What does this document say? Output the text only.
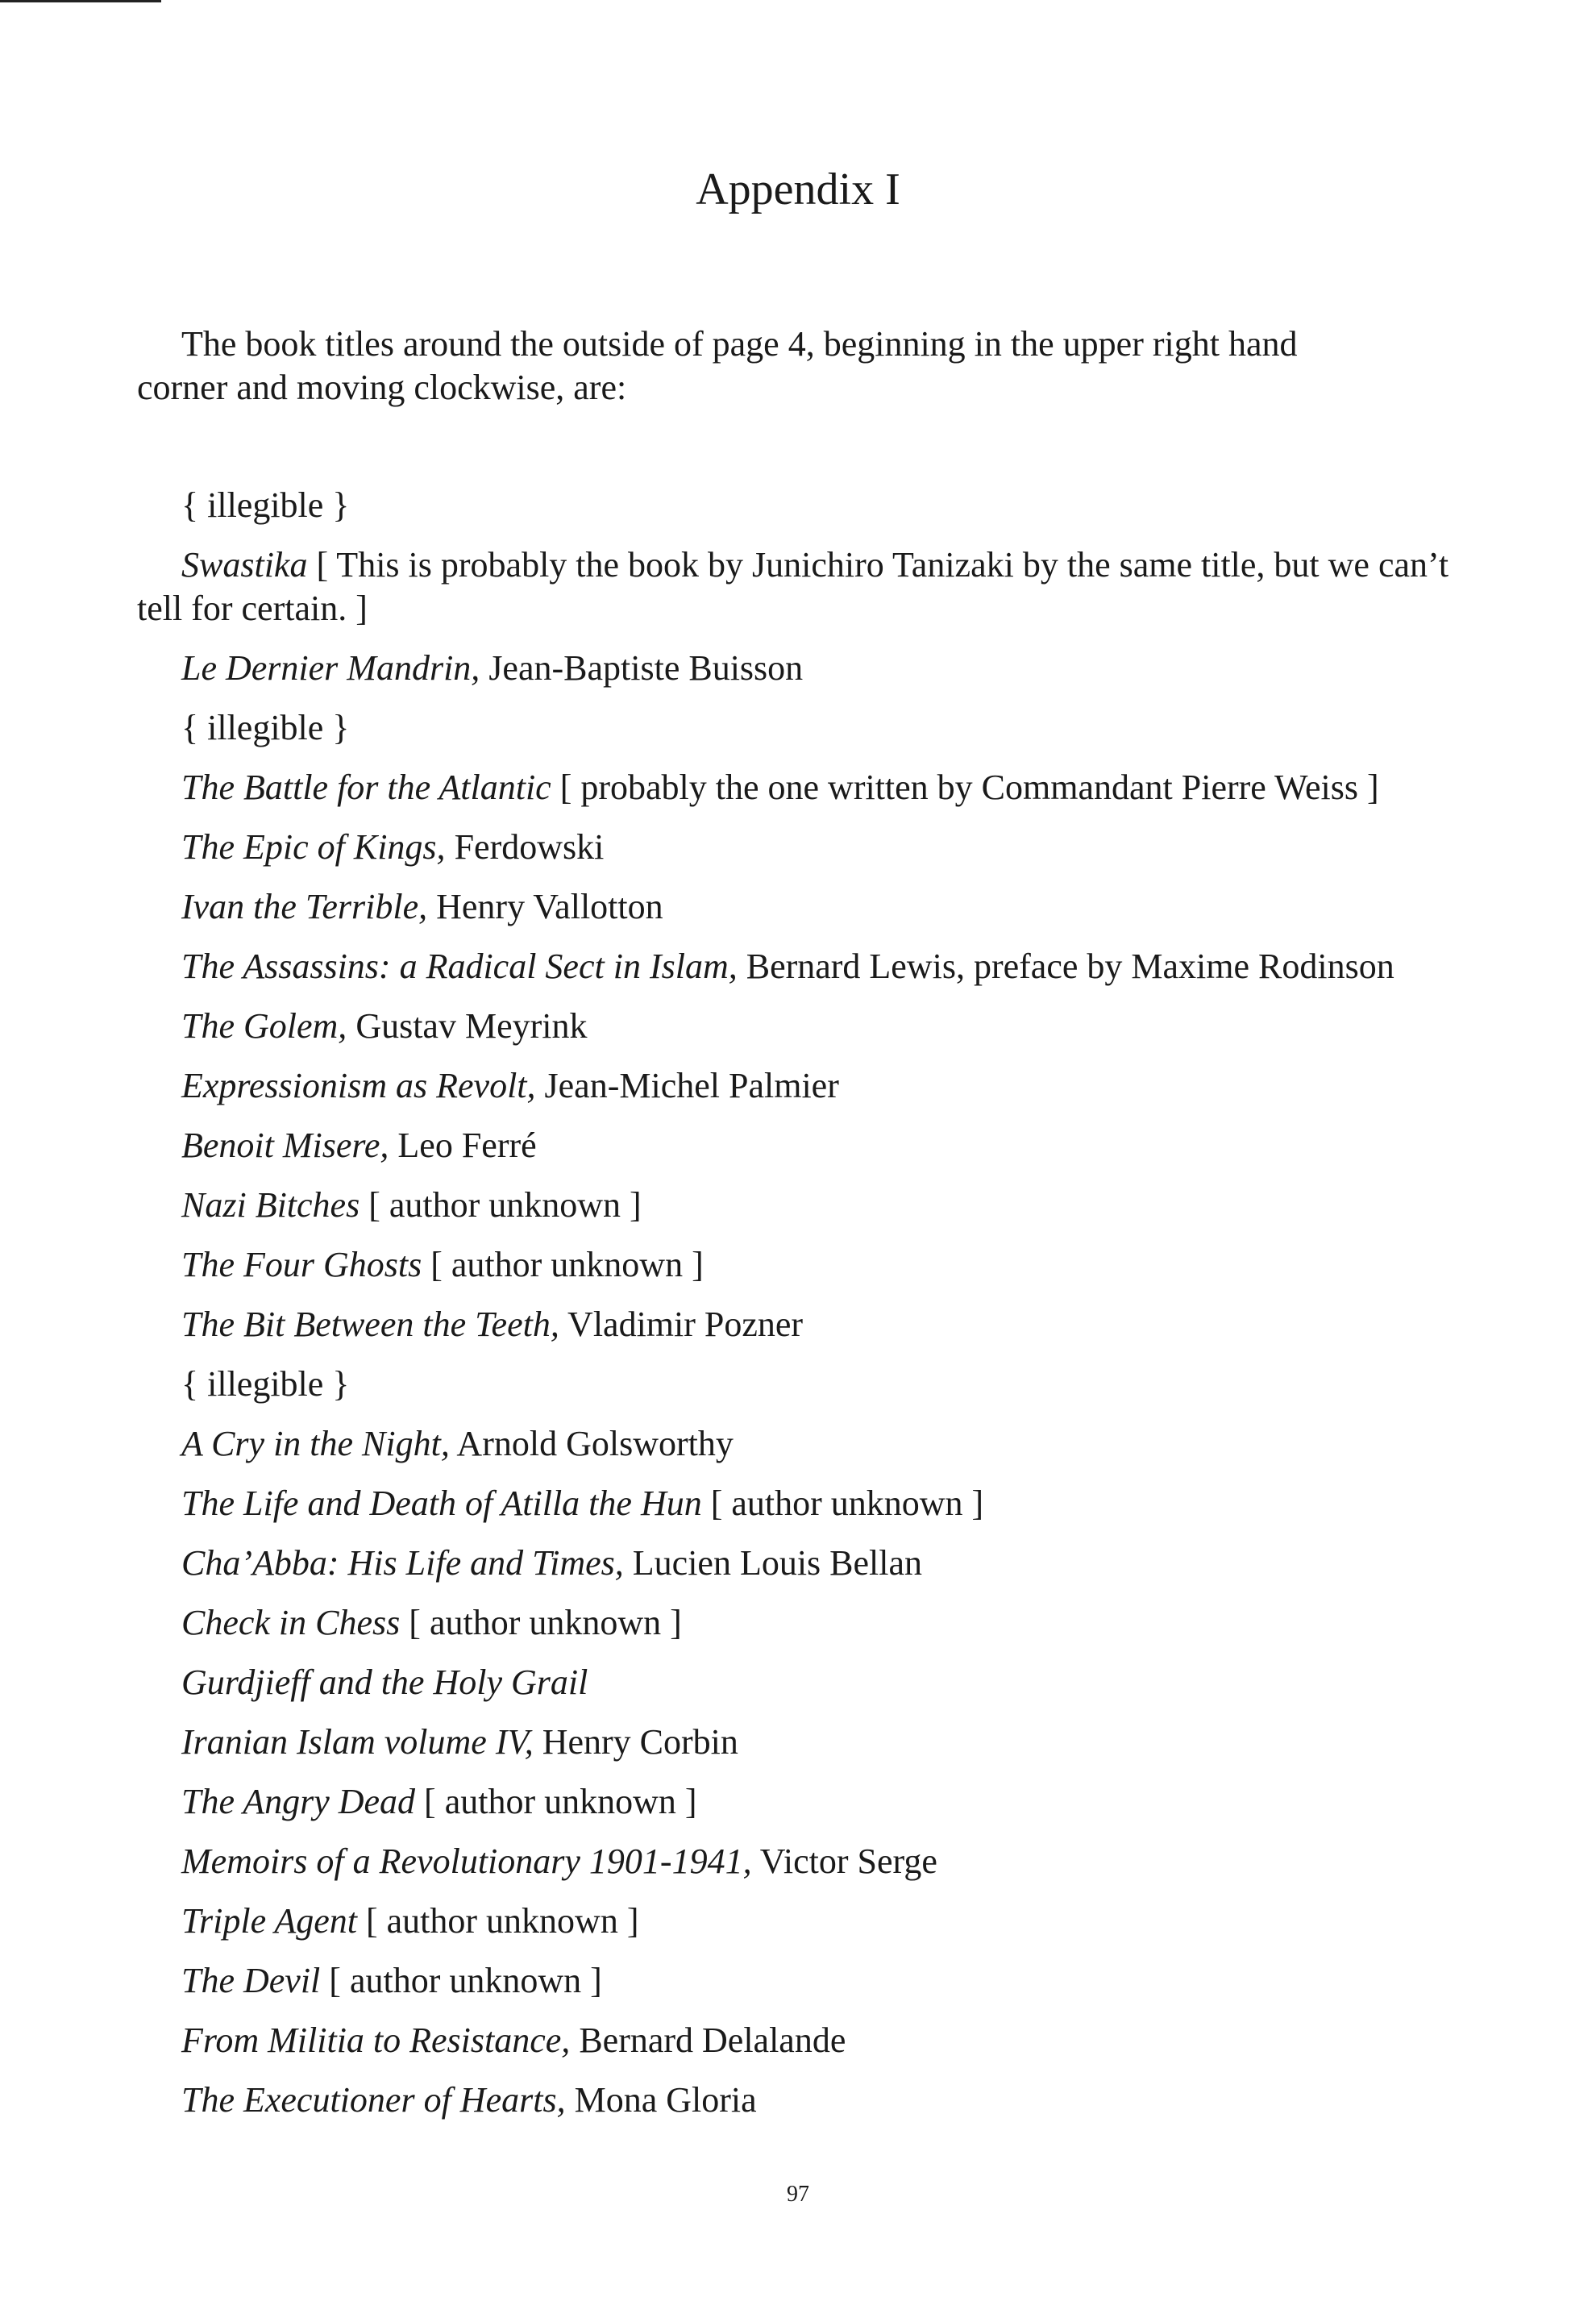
Appendix I

The book titles around the outside of page 4, beginning in the upper right hand corner and moving clockwise, are:

{ illegible }
Swastika [ This is probably the book by Junichiro Tanizaki by the same title, but we can’t tell for certain. ]
Le Dernier Mandrin, Jean-Baptiste Buisson
{ illegible }
The Battle for the Atlantic [ probably the one written by Commandant Pierre Weiss ]
The Epic of Kings, Ferdowski
Ivan the Terrible, Henry Vallotton
The Assassins: a Radical Sect in Islam, Bernard Lewis, preface by Maxime Rodinson
The Golem, Gustav Meyrink
Expressionism as Revolt, Jean-Michel Palmier
Benoit Misere, Leo Ferré
Nazi Bitches [ author unknown ]
The Four Ghosts [ author unknown ]
The Bit Between the Teeth, Vladimir Pozner
{ illegible }
A Cry in the Night, Arnold Golsworthy
The Life and Death of Atilla the Hun [ author unknown ]
Cha’Abba: His Life and Times, Lucien Louis Bellan
Check in Chess [ author unknown ]
Gurdjieff and the Holy Grail
Iranian Islam volume IV, Henry Corbin
The Angry Dead [ author unknown ]
Memoirs of a Revolutionary 1901-1941, Victor Serge
Triple Agent [ author unknown ]
The Devil [ author unknown ]
From Militia to Resistance, Bernard Delalande
The Executioner of Hearts, Mona Gloria
97
